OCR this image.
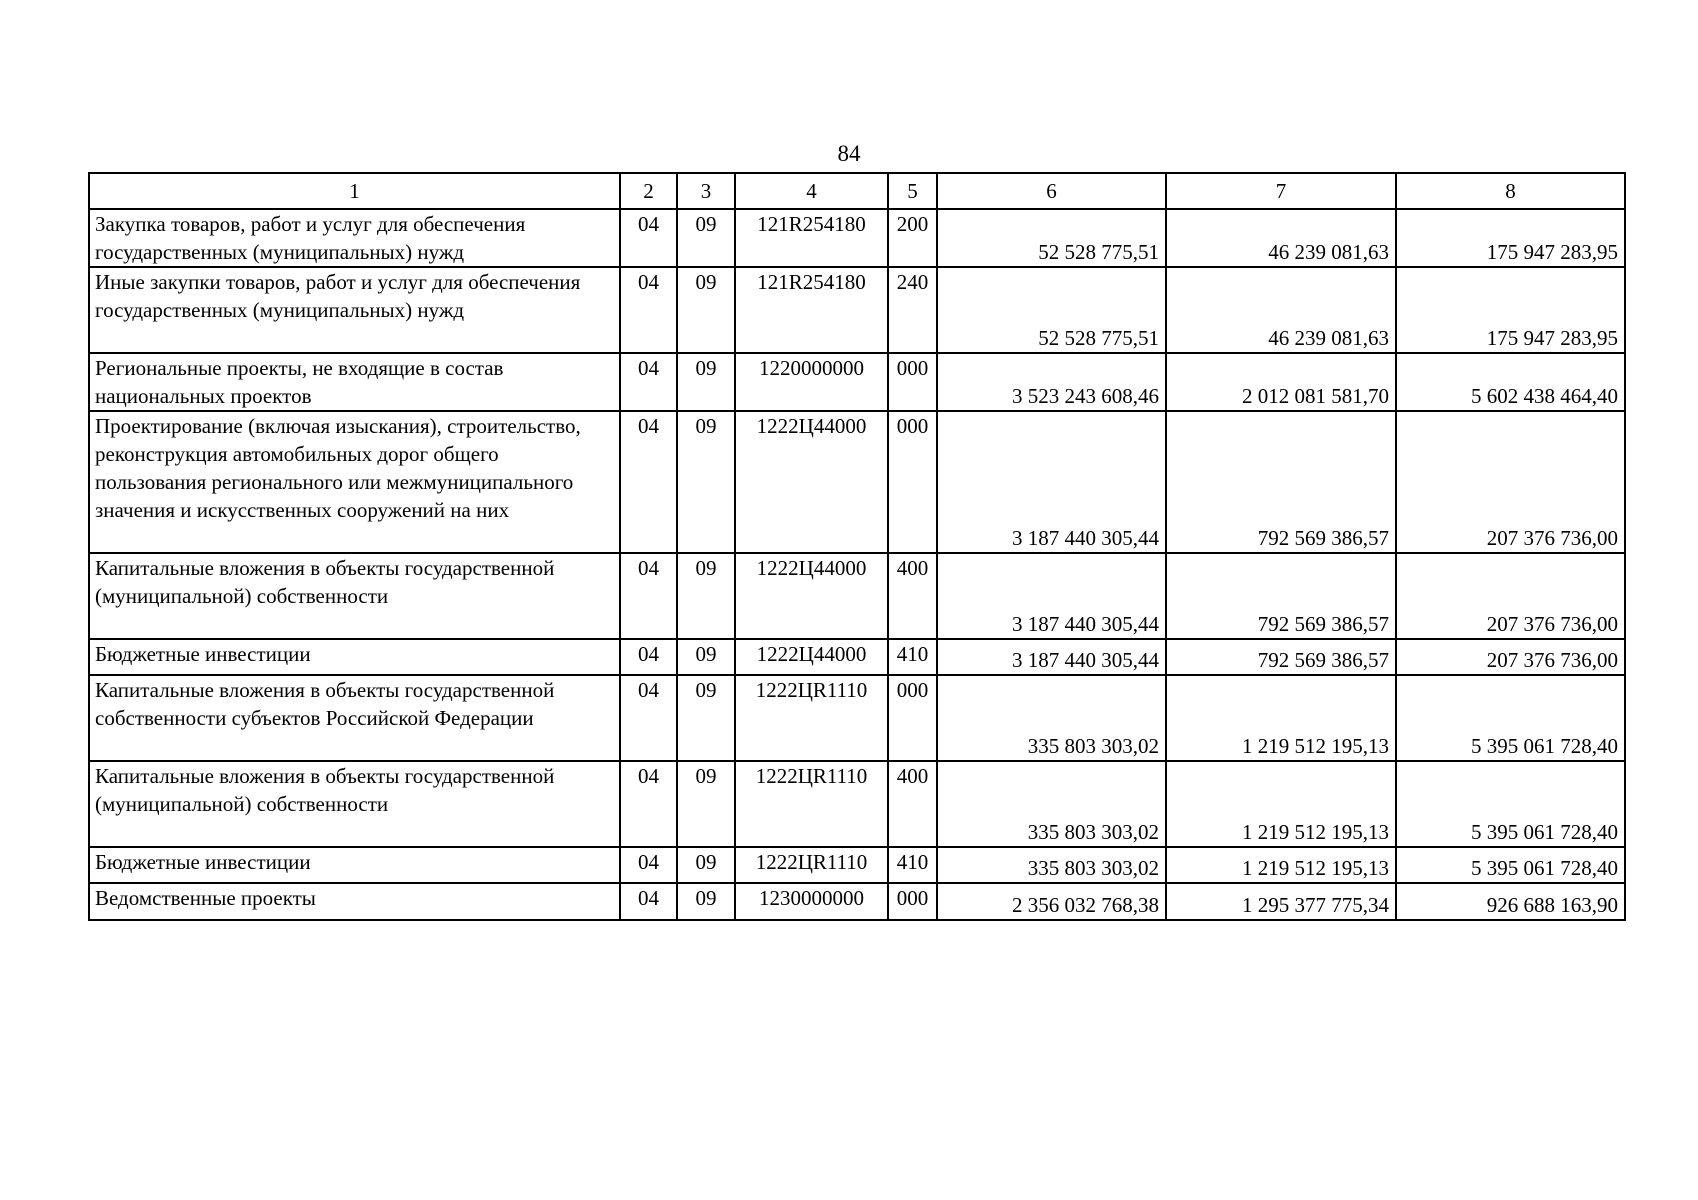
84
1	2	3	4	5	6	7	8
Закупка товаров, работ и услуг для обеспечения государственных (муниципальных) нужд	04	09	121R254180	200	52 528 775,51	46 239 081,63	175 947 283,95
Иные закупки товаров, работ и услуг для обеспечения государственных (муниципальных) нужд	04	09	121R254180	240	52 528 775,51	46 239 081,63	175 947 283,95
Региональные проекты, не входящие в состав национальных проектов	04	09	1220000000	000	3 523 243 608,46	2 012 081 581,70	5 602 438 464,40
Проектирование (включая изыскания), строительство, реконструкция автомобильных дорог общего пользования регионального или межмуниципального значения и искусственных сооружений на них	04	09	1222Ц44000	000	3 187 440 305,44	792 569 386,57	207 376 736,00
Капитальные вложения в объекты государственной (муниципальной) собственности	04	09	1222Ц44000	400	3 187 440 305,44	792 569 386,57	207 376 736,00
Бюджетные инвестиции	04	09	1222Ц44000	410	3 187 440 305,44	792 569 386,57	207 376 736,00
Капитальные вложения в объекты государственной собственности субъектов Российской Федерации	04	09	1222ЦR1110	000	335 803 303,02	1 219 512 195,13	5 395 061 728,40
Капитальные вложения в объекты государственной (муниципальной) собственности	04	09	1222ЦR1110	400	335 803 303,02	1 219 512 195,13	5 395 061 728,40
Бюджетные инвестиции	04	09	1222ЦR1110	410	335 803 303,02	1 219 512 195,13	5 395 061 728,40
Ведомственные проекты	04	09	1230000000	000	2 356 032 768,38	1 295 377 775,34	926 688 163,90
